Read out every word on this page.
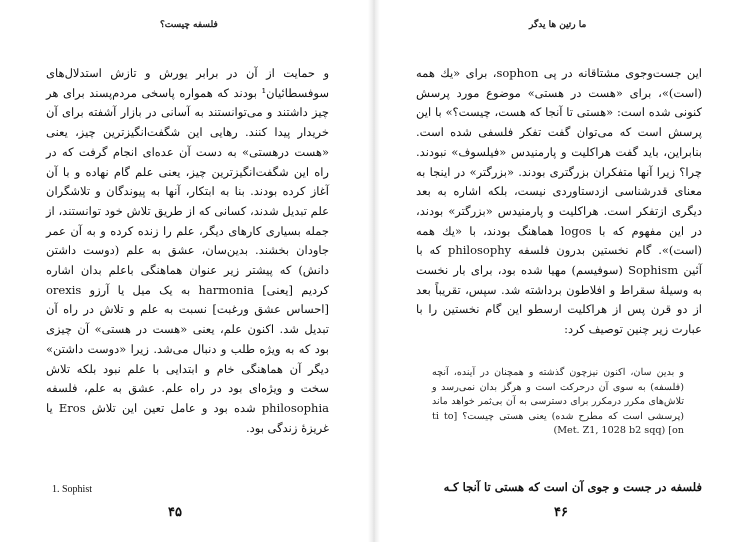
فلسفه چیست؟

و حمایت از آن در برابر یورش و تازش استدلال‌های سوفسطائیان¹ بودند که همواره پاسخی مردم‌پسند برای هر چیز داشتند و می‌توانستند به آسانی در بازار آشفته برای آن خریدار پیدا کنند. رهایی این شگفت‌انگیزترین چیز، یعنی «هست درهستی» به دست آن عده‌ای انجام گرفت که در راه این شگفت‌انگیزترین چیز، یعنی علم گام نهاده و با آن آغاز کرده بودند. بنا به ابتکار، آنها به پیوندگان و تلاشگران علم تبدیل شدند، کسانی که از طریق تلاش خود توانستند، از جمله بسیاری کارهای دیگر، علم را زنده کرده و به آن عمر جاودان بخشند. بدین‌سان، عشق به علم (دوست داشتن دانش) که پیشتر زیر عنوان هماهنگی باعلم بدان اشاره کردیم [یعنی] harmonia به یک میل یا آرزو orexis [احساس عشق ورغبت] نسبت به علم و تلاش در راه آن تبدیل شد. اکنون علم، یعنی «هست در هستی» آن چیزی بود که به ویژه طلب و دنبال می‌شد. زیرا «دوست داشتن» دیگر آن هماهنگی خام و ابتدایی با علم نبود بلکه تلاش سخت و ویژه‌ای بود در راه علم. عشق به علم، فلسفه philosophia شده بود و عامل تعین این تلاش Eros یا غریزهٔ زندگی بود.

1. Sophist
۴۵
ما رتین ها یدگر

این جست‌وجوی مشتاقانه در پی sophon، برای «یك همه (است)»، برای «هست در هستی» موضوع مورد پرسش کنونی شده است: «هستی تا آنجا که هست، چیست؟» با این پرسش است که می‌توان گفت تفکر فلسفی شده است. بنابراین، باید گفت هراکلیت و پارمنیدس «فیلسوف» نبودند. چرا؟ زیرا آنها متفکران بزرگتری بودند. «بزرگتر» در اینجا به معنای قدرشناسی ازدستاوردی نیست، بلکه اشاره به بعد دیگری ازتفکر است. هراکلیت و پارمنیدس «بزرگتر» بودند، در این مفهوم که با logos هماهنگ بودند، با «یك همه (است)». گام نخستین بدرون فلسفه philosophy که با آئین Sophism (سوفیسم) مهیا شده بود، برای بار نخست به وسیلهٔ سقراط و افلاطون برداشته شد. سپس، تقریباً بعد از دو قرن پس از هراکلیت ارسطو این گام نخستین را با عبارت زیر چنین توصیف کرد:

و بدین سان، اکنون نیزچون گذشته و همچنان در آینده، آنچه (فلسفه) به سوی آن درحرکت است و هرگز بدان نمی‌رسد و تلاش‌های مکرر درمکرر برای دسترسی به آن بی‌ثمر خواهد ماند (پرسشی است که مطرح شده) یعنی هستی چیست؟ [ti to on] (Met. Z1, 1028 b2 sqq)

فلسفه در جست و جوی آن است که هستی تا آنجا کـه
۴۶
